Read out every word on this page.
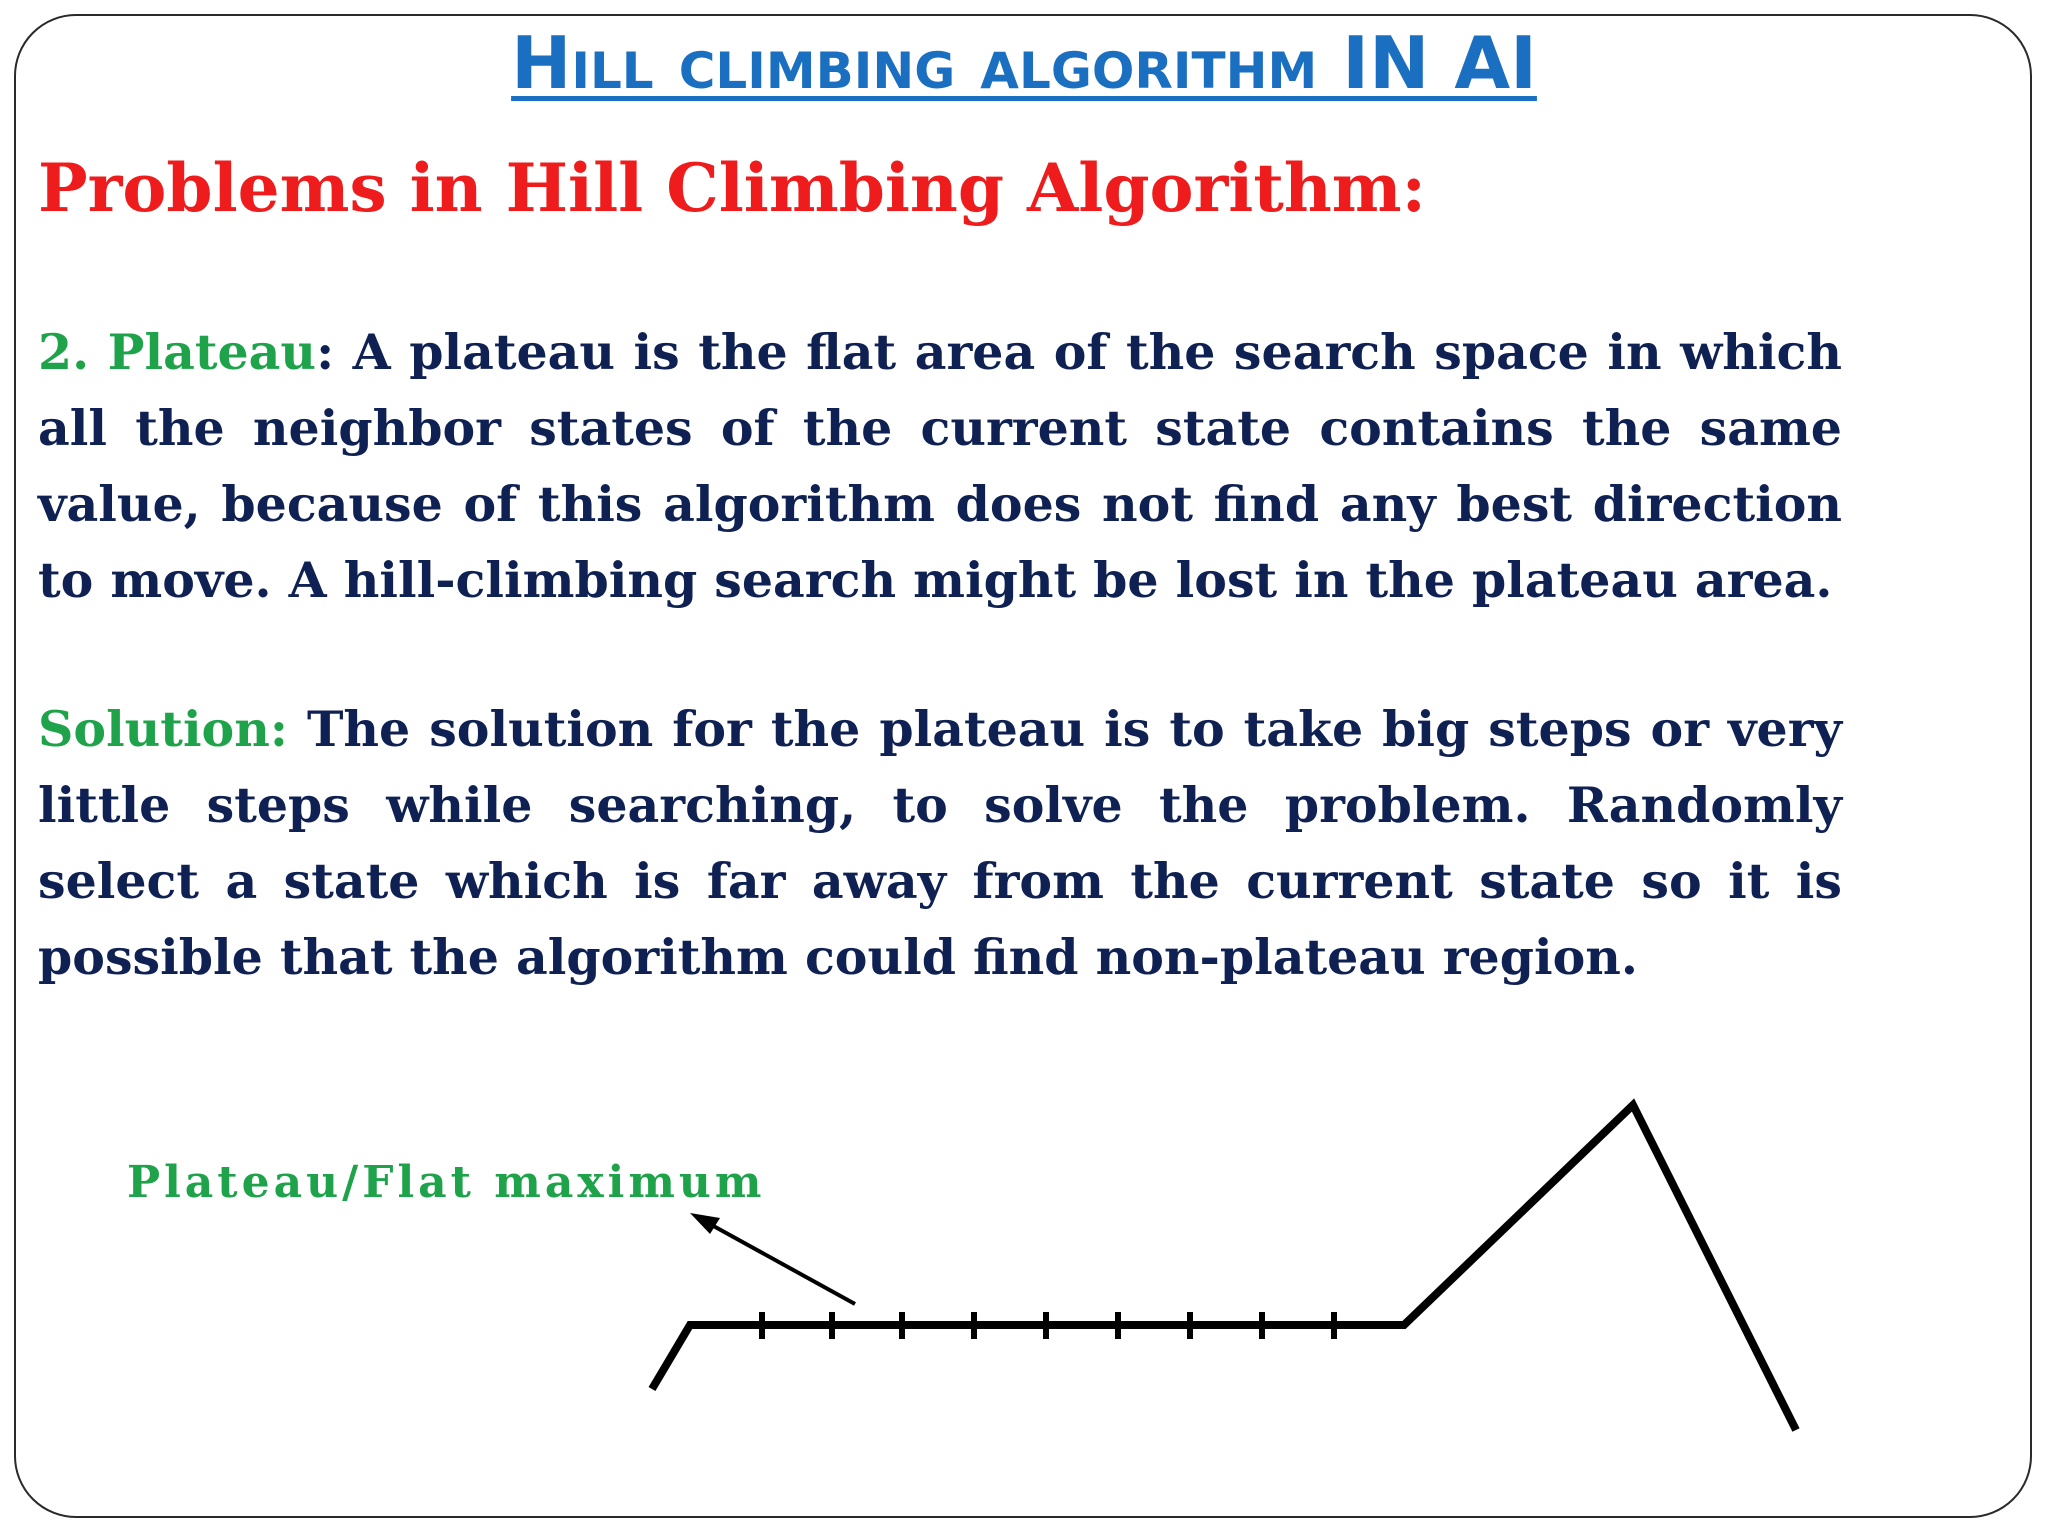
Hill climbing algorithm IN AI
Problems in Hill Climbing Algorithm:

2. Plateau: A plateau is the flat area of the search space in which all the neighbor states of the current state contains the same value, because of this algorithm does not find any best direction to move. A hill-climbing search might be lost in the plateau area.

Solution: The solution for the plateau is to take big steps or very little steps while searching, to solve the problem. Randomly select a state which is far away from the current state so it is possible that the algorithm could find non-plateau region.

Plateau/Flat maximum
